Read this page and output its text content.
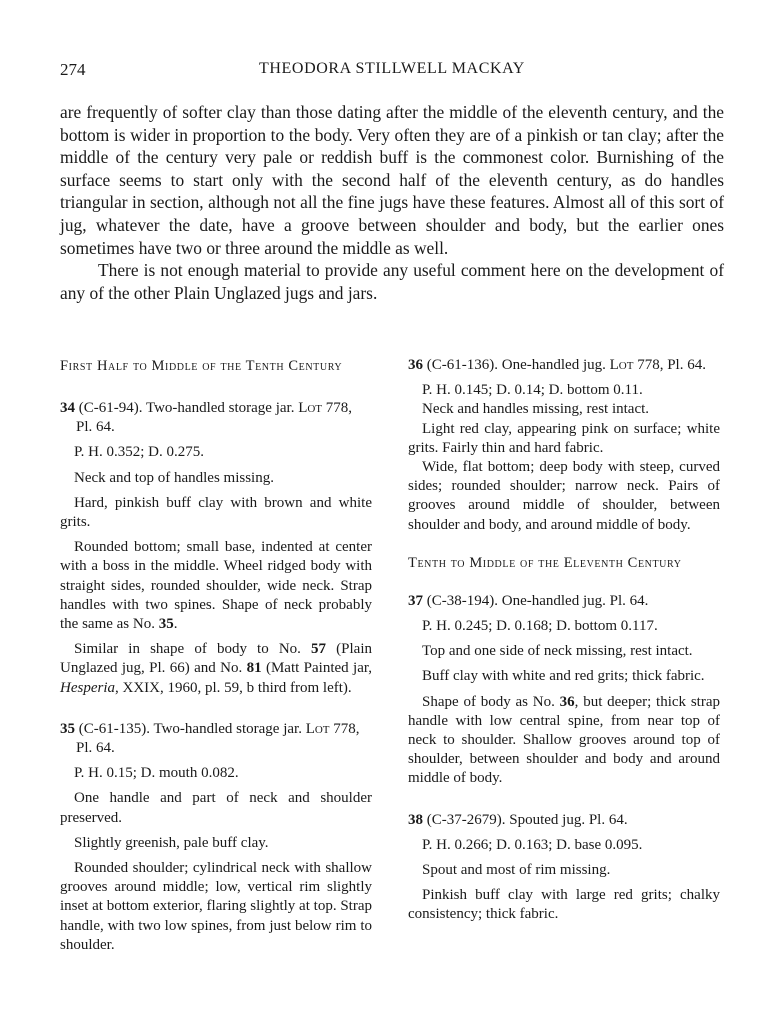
274	THEODORA STILLWELL MACKAY

are frequently of softer clay than those dating after the middle of the eleventh century, and the bottom is wider in proportion to the body. Very often they are of a pinkish or tan clay; after the middle of the century very pale or reddish buff is the commonest color. Burnishing of the surface seems to start only with the second half of the eleventh century, as do handles triangular in section, although not all the fine jugs have these features. Almost all of this sort of jug, whatever the date, have a groove between shoulder and body, but the earlier ones sometimes have two or three around the middle as well.

There is not enough material to provide any useful comment here on the development of any of the other Plain Unglazed jugs and jars.

First Half to Middle of the Tenth Century

34 (C-61-94). Two-handled storage jar. Lot 778, Pl. 64.

P. H. 0.352; D. 0.275.

Neck and top of handles missing.

Hard, pinkish buff clay with brown and white grits.

Rounded bottom; small base, indented at center with a boss in the middle. Wheel ridged body with straight sides, rounded shoulder, wide neck. Strap handles with two spines. Shape of neck probably the same as No. 35.

Similar in shape of body to No. 57 (Plain Unglazed jug, Pl. 66) and No. 81 (Matt Painted jar, Hesperia, XXIX, 1960, pl. 59, b third from left).

35 (C-61-135). Two-handled storage jar. Lot 778, Pl. 64.

P. H. 0.15; D. mouth 0.082.

One handle and part of neck and shoulder preserved.

Slightly greenish, pale buff clay.

Rounded shoulder; cylindrical neck with shallow grooves around middle; low, vertical rim slightly inset at bottom exterior, flaring slightly at top. Strap handle, with two low spines, from just below rim to shoulder.

36 (C-61-136). One-handled jug. Lot 778, Pl. 64.

P. H. 0.145; D. 0.14; D. bottom 0.11.

Neck and handles missing, rest intact.

Light red clay, appearing pink on surface; white grits. Fairly thin and hard fabric.

Wide, flat bottom; deep body with steep, curved sides; rounded shoulder; narrow neck. Pairs of grooves around middle of shoulder, between shoulder and body, and around middle of body.

Tenth to Middle of the Eleventh Century

37 (C-38-194). One-handled jug. Pl. 64.

P. H. 0.245; D. 0.168; D. bottom 0.117.

Top and one side of neck missing, rest intact.

Buff clay with white and red grits; thick fabric.

Shape of body as No. 36, but deeper; thick strap handle with low central spine, from near top of neck to shoulder. Shallow grooves around top of shoulder, between shoulder and body and around middle of body.

38 (C-37-2679). Spouted jug. Pl. 64.

P. H. 0.266; D. 0.163; D. base 0.095.

Spout and most of rim missing.

Pinkish buff clay with large red grits; chalky consistency; thick fabric.
